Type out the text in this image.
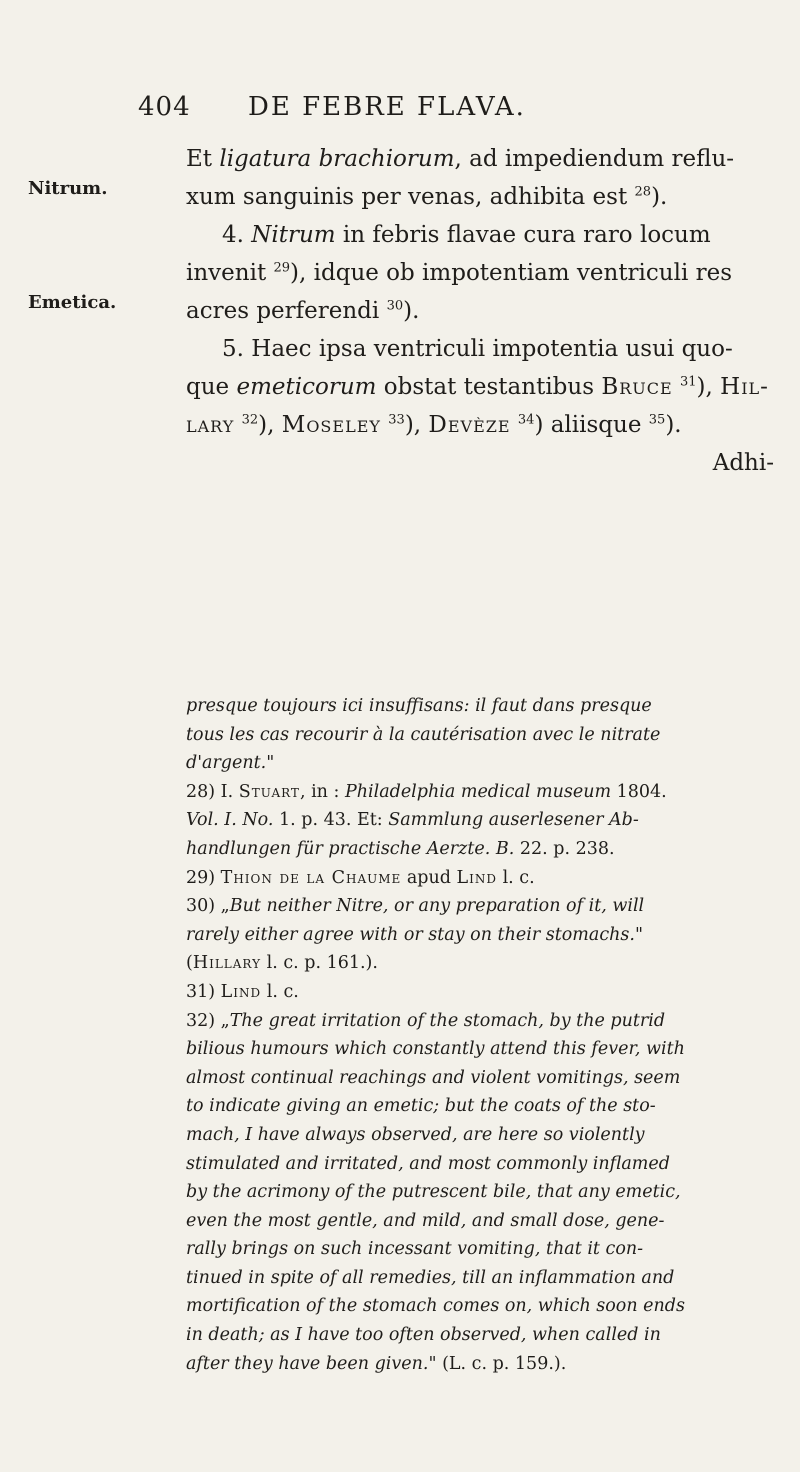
404 DE FEBRE FLAVA.
Nitrum.
Emetica.

Et ligatura brachiorum, ad impediendum reflu-
xum sanguinis per venas, adhibita est $^{28}$).

4. Nitrum in febris flavae cura raro locum

invenit $^{29}$), idque ob impotentiam ventriculi res
acres perferendi $^{30}$).

5. Haec ipsa ventriculi impotentia usui quo-

que emeticorum obstat testantibus Bruce $^{31}$), Hil-
lary $^{32}$), Moseley $^{33}$), Devèze $^{34}$) aliisque $^{35}$).

Adhi-

presque toujours ici insuffisans: il faut dans presque
tous les cas recourir à la cautérisation avec le nitrate
d'argent."

28) I. Stuart, in : Philadelphia medical museum 1804.
Vol. I. No. 1. p. 43. Et: Sammlung auserlesener Ab-
handlungen für practische Aerzte. B. 22. p. 238.

29) Thion de la Chaume apud Lind l. c.

30) „But neither Nitre, or any preparation of it, will
rarely either agree with or stay on their stomachs."
(Hillary l. c. p. 161.).

31) Lind l. c.

32) „The great irritation of the stomach, by the putrid
bilious humours which constantly attend this fever, with
almost continual reachings and violent vomitings, seem
to indicate giving an emetic; but the coats of the sto-
mach, I have always observed, are here so violently
stimulated and irritated, and most commonly inflamed
by the acrimony of the putrescent bile, that any emetic,
even the most gentle, and mild, and small dose, gene-
rally brings on such incessant vomiting, that it con-
tinued in spite of all remedies, till an inflammation and
mortification of the stomach comes on, which soon ends
in death; as I have too often observed, when called in
after they have been given." (L. c. p. 159.).
